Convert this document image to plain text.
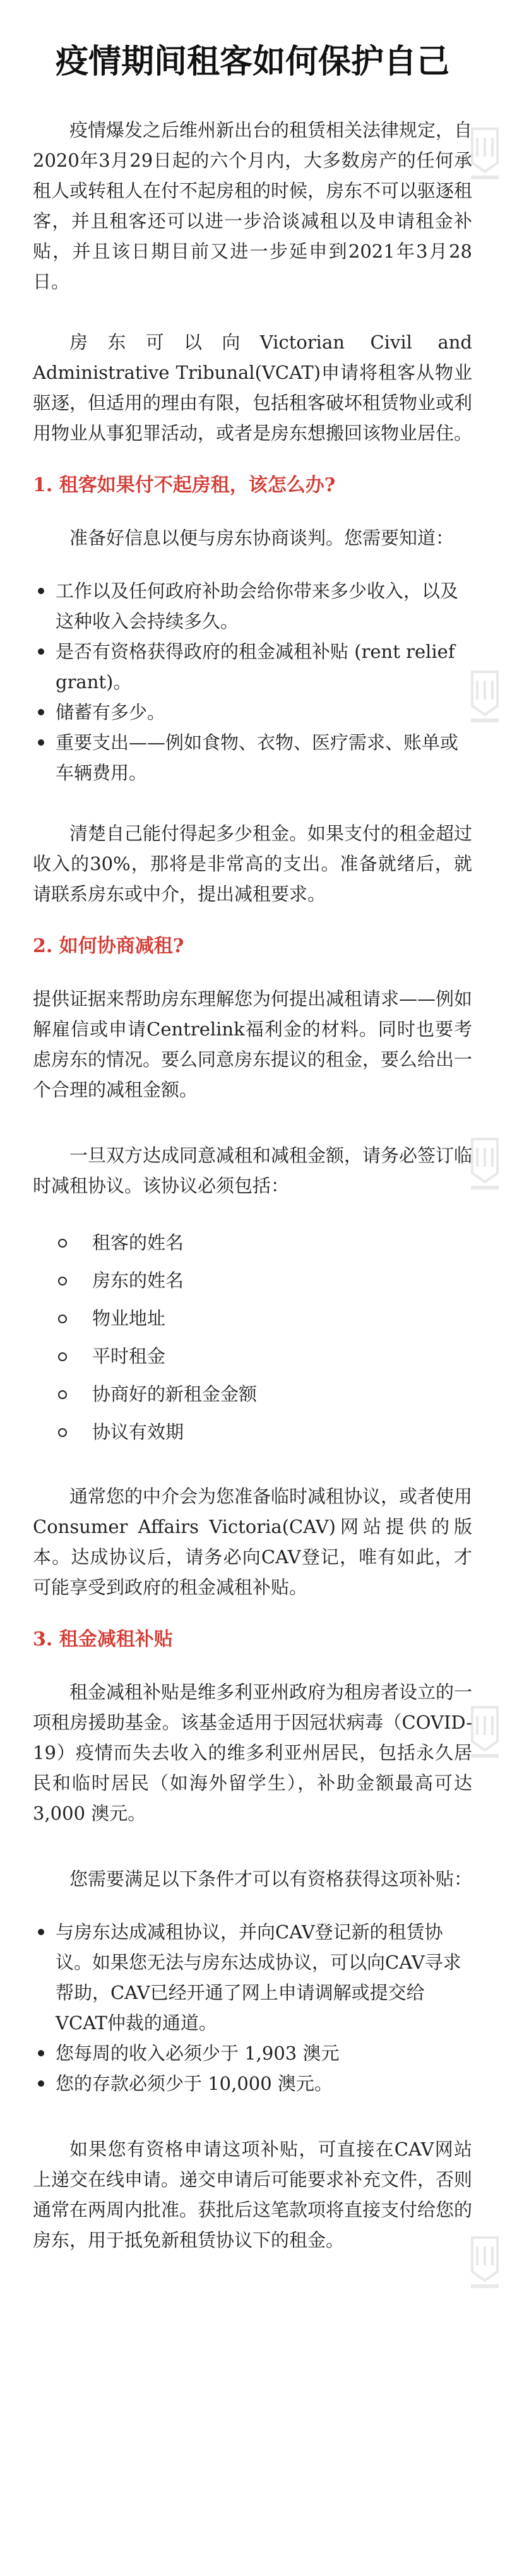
疫情期间租客如何保护自己

疫情爆发之后维州新出台的租赁相关法律规定，自2020年3月29日起的六个月内，大多数房产的任何承租人或转租人在付不起房租的时候，房东不可以驱逐租客，并且租客还可以进一步洽谈减租以及申请租金补贴，并且该日期目前又进一步延申到2021年3月28日。

房东可以向Victorian Civil and Administrative Tribunal(VCAT)申请将租客从物业驱逐，但适用的理由有限，包括租客破坏租赁物业或利用物业从事犯罪活动，或者是房东想搬回该物业居住。

1. 租客如果付不起房租，该怎么办?

准备好信息以便与房东协商谈判。您需要知道：

工作以及任何政府补助会给你带来多少收入，以及这种收入会持续多久。
是否有资格获得政府的租金减租补贴 (rent relief grant)。
储蓄有多少。
重要支出——例如食物、衣物、医疗需求、账单或车辆费用。

清楚自己能付得起多少租金。如果支付的租金超过收入的30%，那将是非常高的支出。准备就绪后，就请联系房东或中介，提出减租要求。

2. 如何协商减租?

提供证据来帮助房东理解您为何提出减租请求——例如解雇信或申请Centrelink福利金的材料。同时也要考虑房东的情况。要么同意房东提议的租金，要么给出一个合理的减租金额。

一旦双方达成同意减租和减租金额，请务必签订临时减租协议。该协议必须包括：

租客的姓名
房东的姓名
物业地址
平时租金
协商好的新租金金额
协议有效期

通常您的中介会为您准备临时减租协议，或者使用Consumer Affairs Victoria(CAV)网站提供的版本。达成协议后，请务必向CAV登记，唯有如此，才可能享受到政府的租金减租补贴。

3. 租金减租补贴

租金减租补贴是维多利亚州政府为租房者设立的一项租房援助基金。该基金适用于因冠状病毒（COVID-19）疫情而失去收入的维多利亚州居民，包括永久居民和临时居民（如海外留学生），补助金额最高可达3,000 澳元。

您需要满足以下条件才可以有资格获得这项补贴：

与房东达成减租协议，并向CAV登记新的租赁协议。如果您无法与房东达成协议，可以向CAV寻求帮助，CAV已经开通了网上申请调解或提交给VCAT仲裁的通道。
您每周的收入必须少于 1,903 澳元
您的存款必须少于 10,000 澳元。

如果您有资格申请这项补贴，可直接在CAV网站上递交在线申请。递交申请后可能要求补充文件，否则通常在两周内批准。获批后这笔款项将直接支付给您的房东，用于抵免新租赁协议下的租金。
